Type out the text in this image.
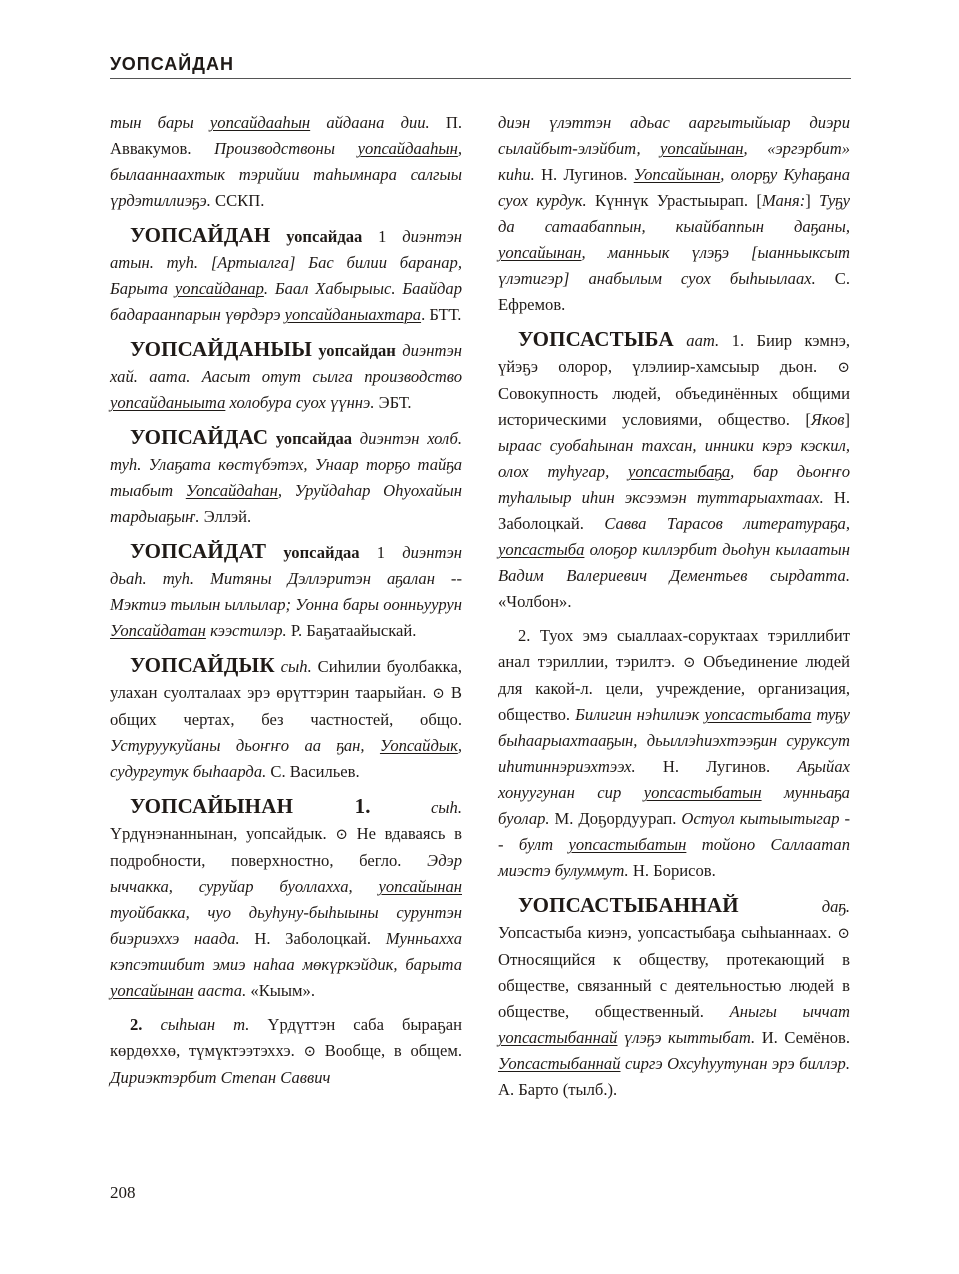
УОПСАЙДАН

тын бары уопсайдааhын айдаана дии. П. Аввакумов. Производствоны уопсайдааhын, былааннаахтык тэрийии таhымнара салгыы үрдэтиллиэҕэ. ССКП.

УОПСАЙДАН уопсайдаа 1 диэнтэн атын. туh. [Артыалга] Бас билии баранар, Барыта уопсайданар. Баал Хабырыыс. Баайдар бадараанпарын үөрдэрэ уопсайданыахтара. БТТ.

УОПСАЙДАНЫЫ уопсайдан диэнтэн хай. аата. Аасыт отут сылга производство уопсайданыыта холобура суох үүннэ. ЭБТ.

УОПСАЙДАС уопсайдаа диэнтэн холб. туh. Улаҕата көстүбэтэх, Унаар торҕо тайҕа тыабыт Уопсайдаhан, Уруйдаhар Оhуохайын тардыаҕыҥ. Эллэй.

УОПСАЙДАТ уопсайдаа 1 диэнтэн дьаh. туh. Митяны Дэллэритэн аҕалан -- Мэктиэ тылын ыллылар; Уонна бары оонньуурун Уопсайдатан кээстилэр. Р. Баҕатаайыскай.

УОПСАЙДЫК сыh. Сиhилии буолбакка, улахан суолталаах эрэ өрүттэрин таарыйан. ⊙ В общих чертах, без частностей, общо. Устуруукуйаны дьоҥҥо аа ҕан, Уопсайдык, судургутук быhаарда. С. Васильев.

УОПСАЙЫНАН 1.	сыh. Үрдүнэнаннынан, уопсайдык. ⊙ Не вдаваясь в подробности, поверхностно, бегло. Эдэр ыччакка, суруйар буоллахха, уопсайынан туойбакка, чуо дьуhуну-быhыыны сурунтэн биэриэххэ наада. Н. Заболоцкай. Мунньахха кэпсэтиибит эмиэ наhаа мөкүркэйдик, барыта уопсайынан ааста. «Кыым».

2. сыhыан т. Үрдүттэн саба быраҕан көрдөххө, түмүктээтэххэ. ⊙ Вообще, в общем. Дириэктэрбит Степан Саввич

диэн үлэттэн адьас ааргытыйыар диэри сылайбыт-элэйбит, уопсайынан, «эргэрбит» киhи. Н. Лугинов. Уопсайынан, олорҕу Куhаҕана суох курдук. Күннүк Урастыырап. [Маня:] Туҕу да сатаабаппын, кыайбаппын даҕаны, уопсайынан, манньык үлэҕэ [ыанньыксыт үлэтигэр] анабылым суох быhыылаах. С. Ефремов.

УОПСАСТЫБА аат. 1. Биир кэмнэ, үйэҕэ олорор, үлэлиир-хамсыыр дьон. ⊙ Совокупность людей, объединённых общими историческими условиями, общество. [Яков] ыраас суобаhынан тахсан, инники кэрэ кэскил, олох туhугар, уопсастыбаҕа, бар дьоҥҥо туhалыыр иhин эксээмэн туттарыахтаах. Н. Заболоцкай. Савва Тарасов литератураҕа, уопсастыба олоҕор киллэрбит дьоhун кылаатын Вадим Валериевич Дементьев сырдатта. «Чолбон».

2. Туох эмэ сыаллаах-соруктаах тэриллибит анал тэриллии, тэрилтэ. ⊙ Объединение людей для какой-л. цели, учреждение, организация, общество. Билигин нэhилиэк уопсастыбата туҕу быhаарыахтааҕын, дьыллэhиэхтээҕин суруксут иhитиннэриэхтээх. Н. Лугинов. Аҕыйах хонуугунан сир уопсастыбатын мунньаҕа буолар. М. Доҕордуурап. Остуол кытыытыгар -- булт уопсастыбатын тойоно Саллаатап миэстэ булуммут. Н. Борисов.

УОПСАСТЫБАННАЙ	даҕ. Уопсастыба киэнэ, уопсастыбаҕа сыhыаннаах. ⊙ Относящийся к обществу, протекающий в обществе, связанный с деятельностью людей в обществе, общественный. Аныгы ыччат уопсастыбаннай үлэҕэ кыттыбат. И. Семёнов. Уопсастыбаннай сиргэ Охсуhуутунан эрэ биллэр. А. Барто (тылб.).

208
